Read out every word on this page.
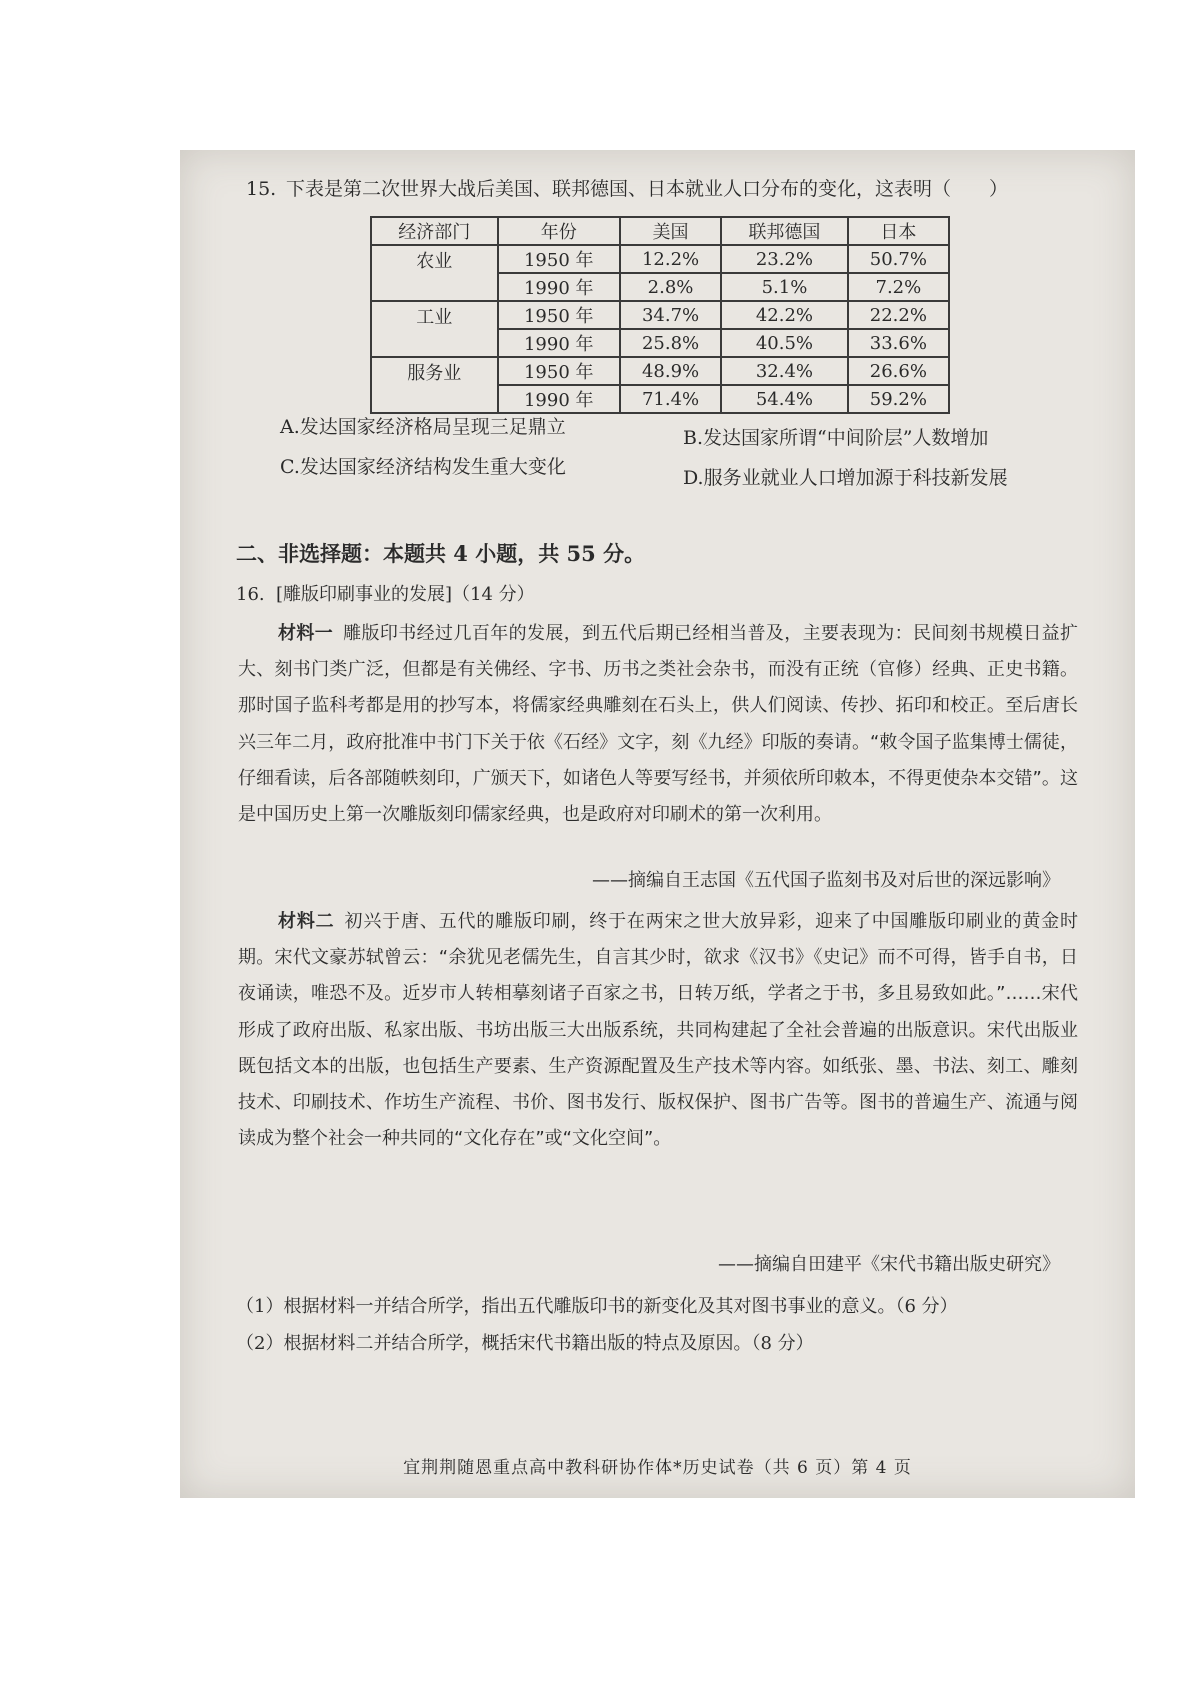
15. 下表是第二次世界大战后美国、联邦德国、日本就业人口分布的变化，这表明（　　）
经济部门	年份	美国	联邦德国	日本
农业	1950 年	12.2%	23.2%	50.7%
	1990 年	2.8%	5.1%	7.2%
工业	1950 年	34.7%	42.2%	22.2%
	1990 年	25.8%	40.5%	33.6%
服务业	1950 年	48.9%	32.4%	26.6%
	1990 年	71.4%	54.4%	59.2%
A.发达国家经济格局呈现三足鼎立	B.发达国家所谓“中间阶层”人数增加
C.发达国家经济结构发生重大变化	D.服务业就业人口增加源于科技新发展
二、非选择题：本题共 4 小题，共 55 分。
16. [雕版印刷事业的发展]（14 分）
材料一 雕版印书经过几百年的发展，到五代后期已经相当普及，主要表现为：民间刻书规模日益扩大、刻书门类广泛，但都是有关佛经、字书、历书之类社会杂书，而没有正统（官修）经典、正史书籍。那时国子监科考都是用的抄写本，将儒家经典雕刻在石头上，供人们阅读、传抄、拓印和校正。至后唐长兴三年二月，政府批准中书门下关于依《石经》文字，刻《九经》印版的奏请。“敕令国子监集博士儒徒，仔细看读，后各部随帙刻印，广颁天下，如诸色人等要写经书，并须依所印敕本，不得更使杂本交错”。这是中国历史上第一次雕版刻印儒家经典，也是政府对印刷术的第一次利用。
——摘编自王志国《五代国子监刻书及对后世的深远影响》
材料二 初兴于唐、五代的雕版印刷，终于在两宋之世大放异彩，迎来了中国雕版印刷业的黄金时期。宋代文豪苏轼曾云：“余犹见老儒先生，自言其少时，欲求《汉书》《史记》而不可得，皆手自书，日夜诵读，唯恐不及。近岁市人转相摹刻诸子百家之书，日转万纸，学者之于书，多且易致如此。”……宋代形成了政府出版、私家出版、书坊出版三大出版系统，共同构建起了全社会普遍的出版意识。宋代出版业既包括文本的出版，也包括生产要素、生产资源配置及生产技术等内容。如纸张、墨、书法、刻工、雕刻技术、印刷技术、作坊生产流程、书价、图书发行、版权保护、图书广告等。图书的普遍生产、流通与阅读成为整个社会一种共同的“文化存在”或“文化空间”。
——摘编自田建平《宋代书籍出版史研究》
（1）根据材料一并结合所学，指出五代雕版印书的新变化及其对图书事业的意义。（6 分）
（2）根据材料二并结合所学，概括宋代书籍出版的特点及原因。（8 分）
宜荆荆随恩重点高中教科研协作体*历史试卷（共 6 页）第 4 页
